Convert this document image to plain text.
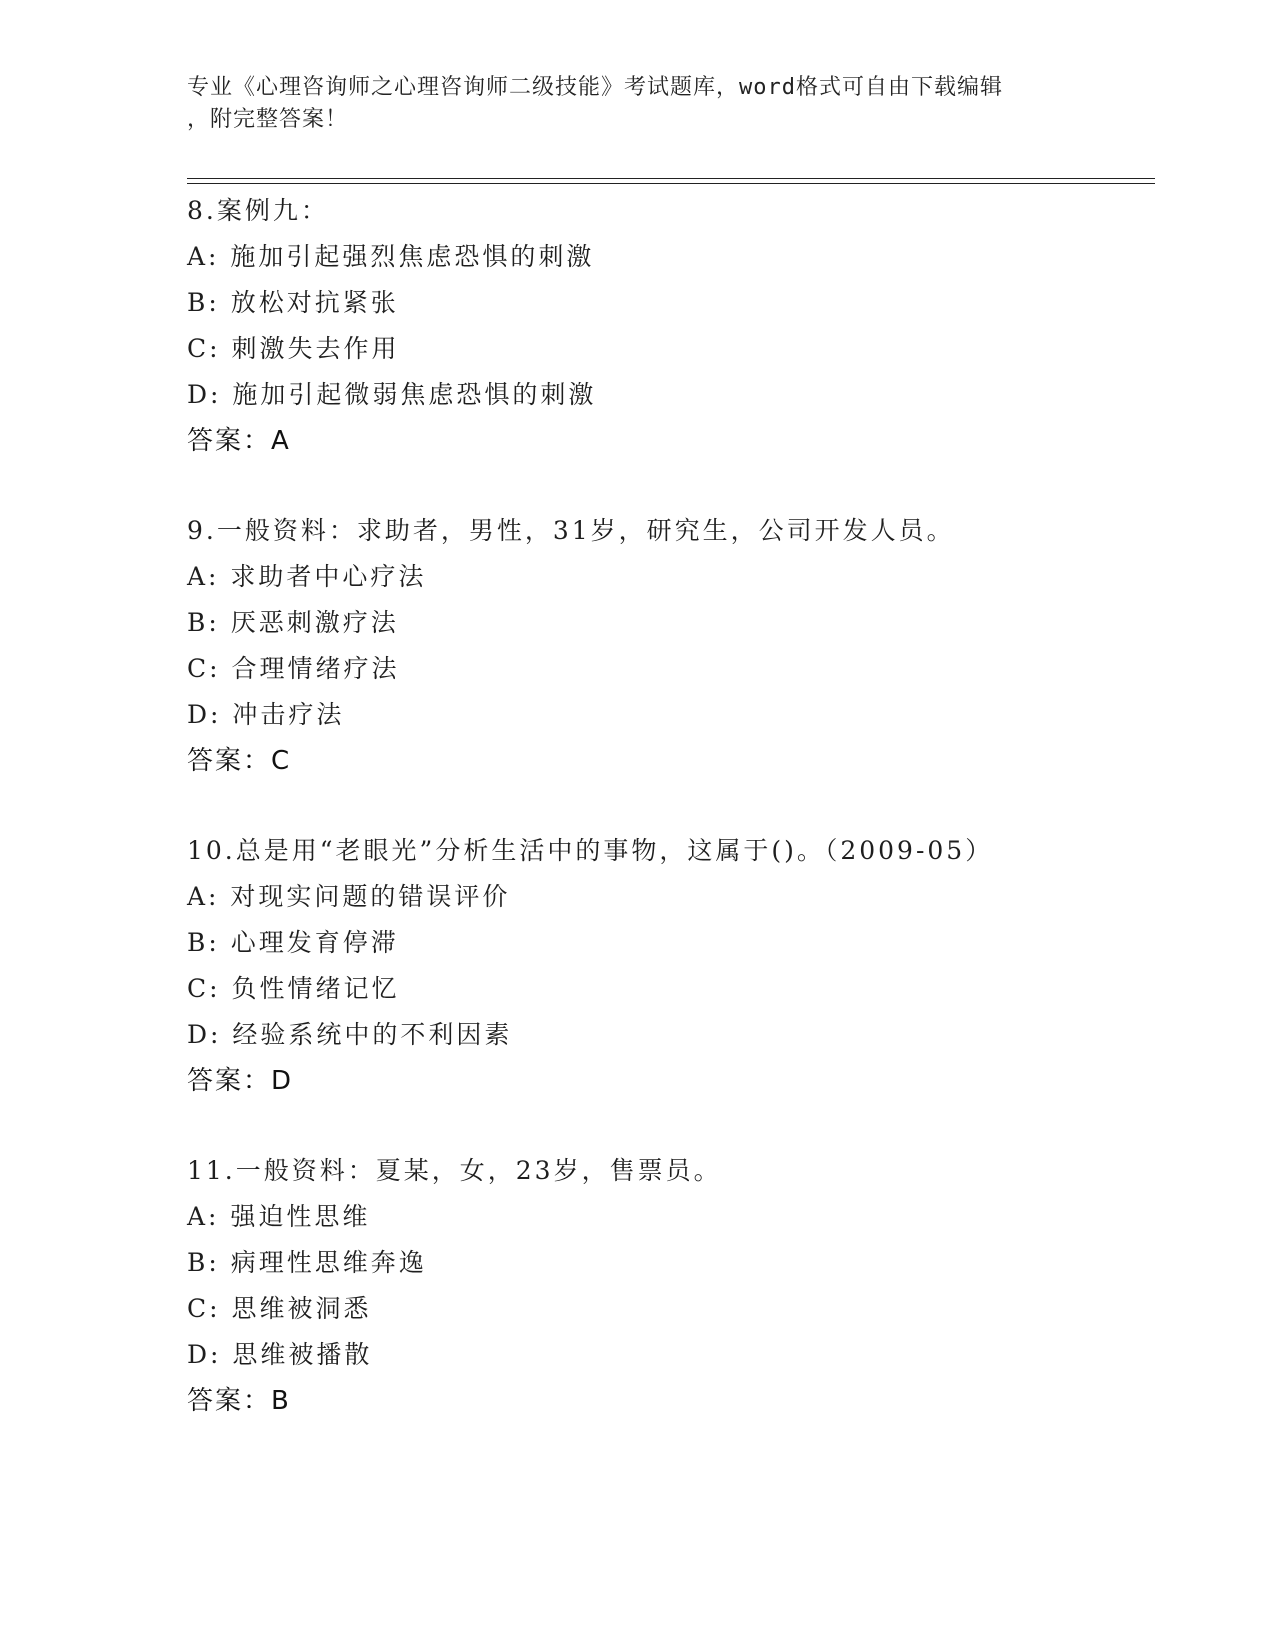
专业《心理咨询师之心理咨询师二级技能》考试题库，word格式可自由下载编辑
，附完整答案！
8.案例九：
A: 施加引起强烈焦虑恐惧的刺激
B: 放松对抗紧张
C: 刺激失去作用
D: 施加引起微弱焦虑恐惧的刺激
答案：A
9.一般资料：求助者，男性，31岁，研究生，公司开发人员。
A: 求助者中心疗法
B: 厌恶刺激疗法
C: 合理情绪疗法
D: 冲击疗法
答案：C
10.总是用“老眼光”分析生活中的事物，这属于()。（2009-05）
A: 对现实问题的错误评价
B: 心理发育停滞
C: 负性情绪记忆
D: 经验系统中的不利因素
答案：D
11.一般资料：夏某，女，23岁，售票员。
A: 强迫性思维
B: 病理性思维奔逸
C: 思维被洞悉
D: 思维被播散
答案：B
